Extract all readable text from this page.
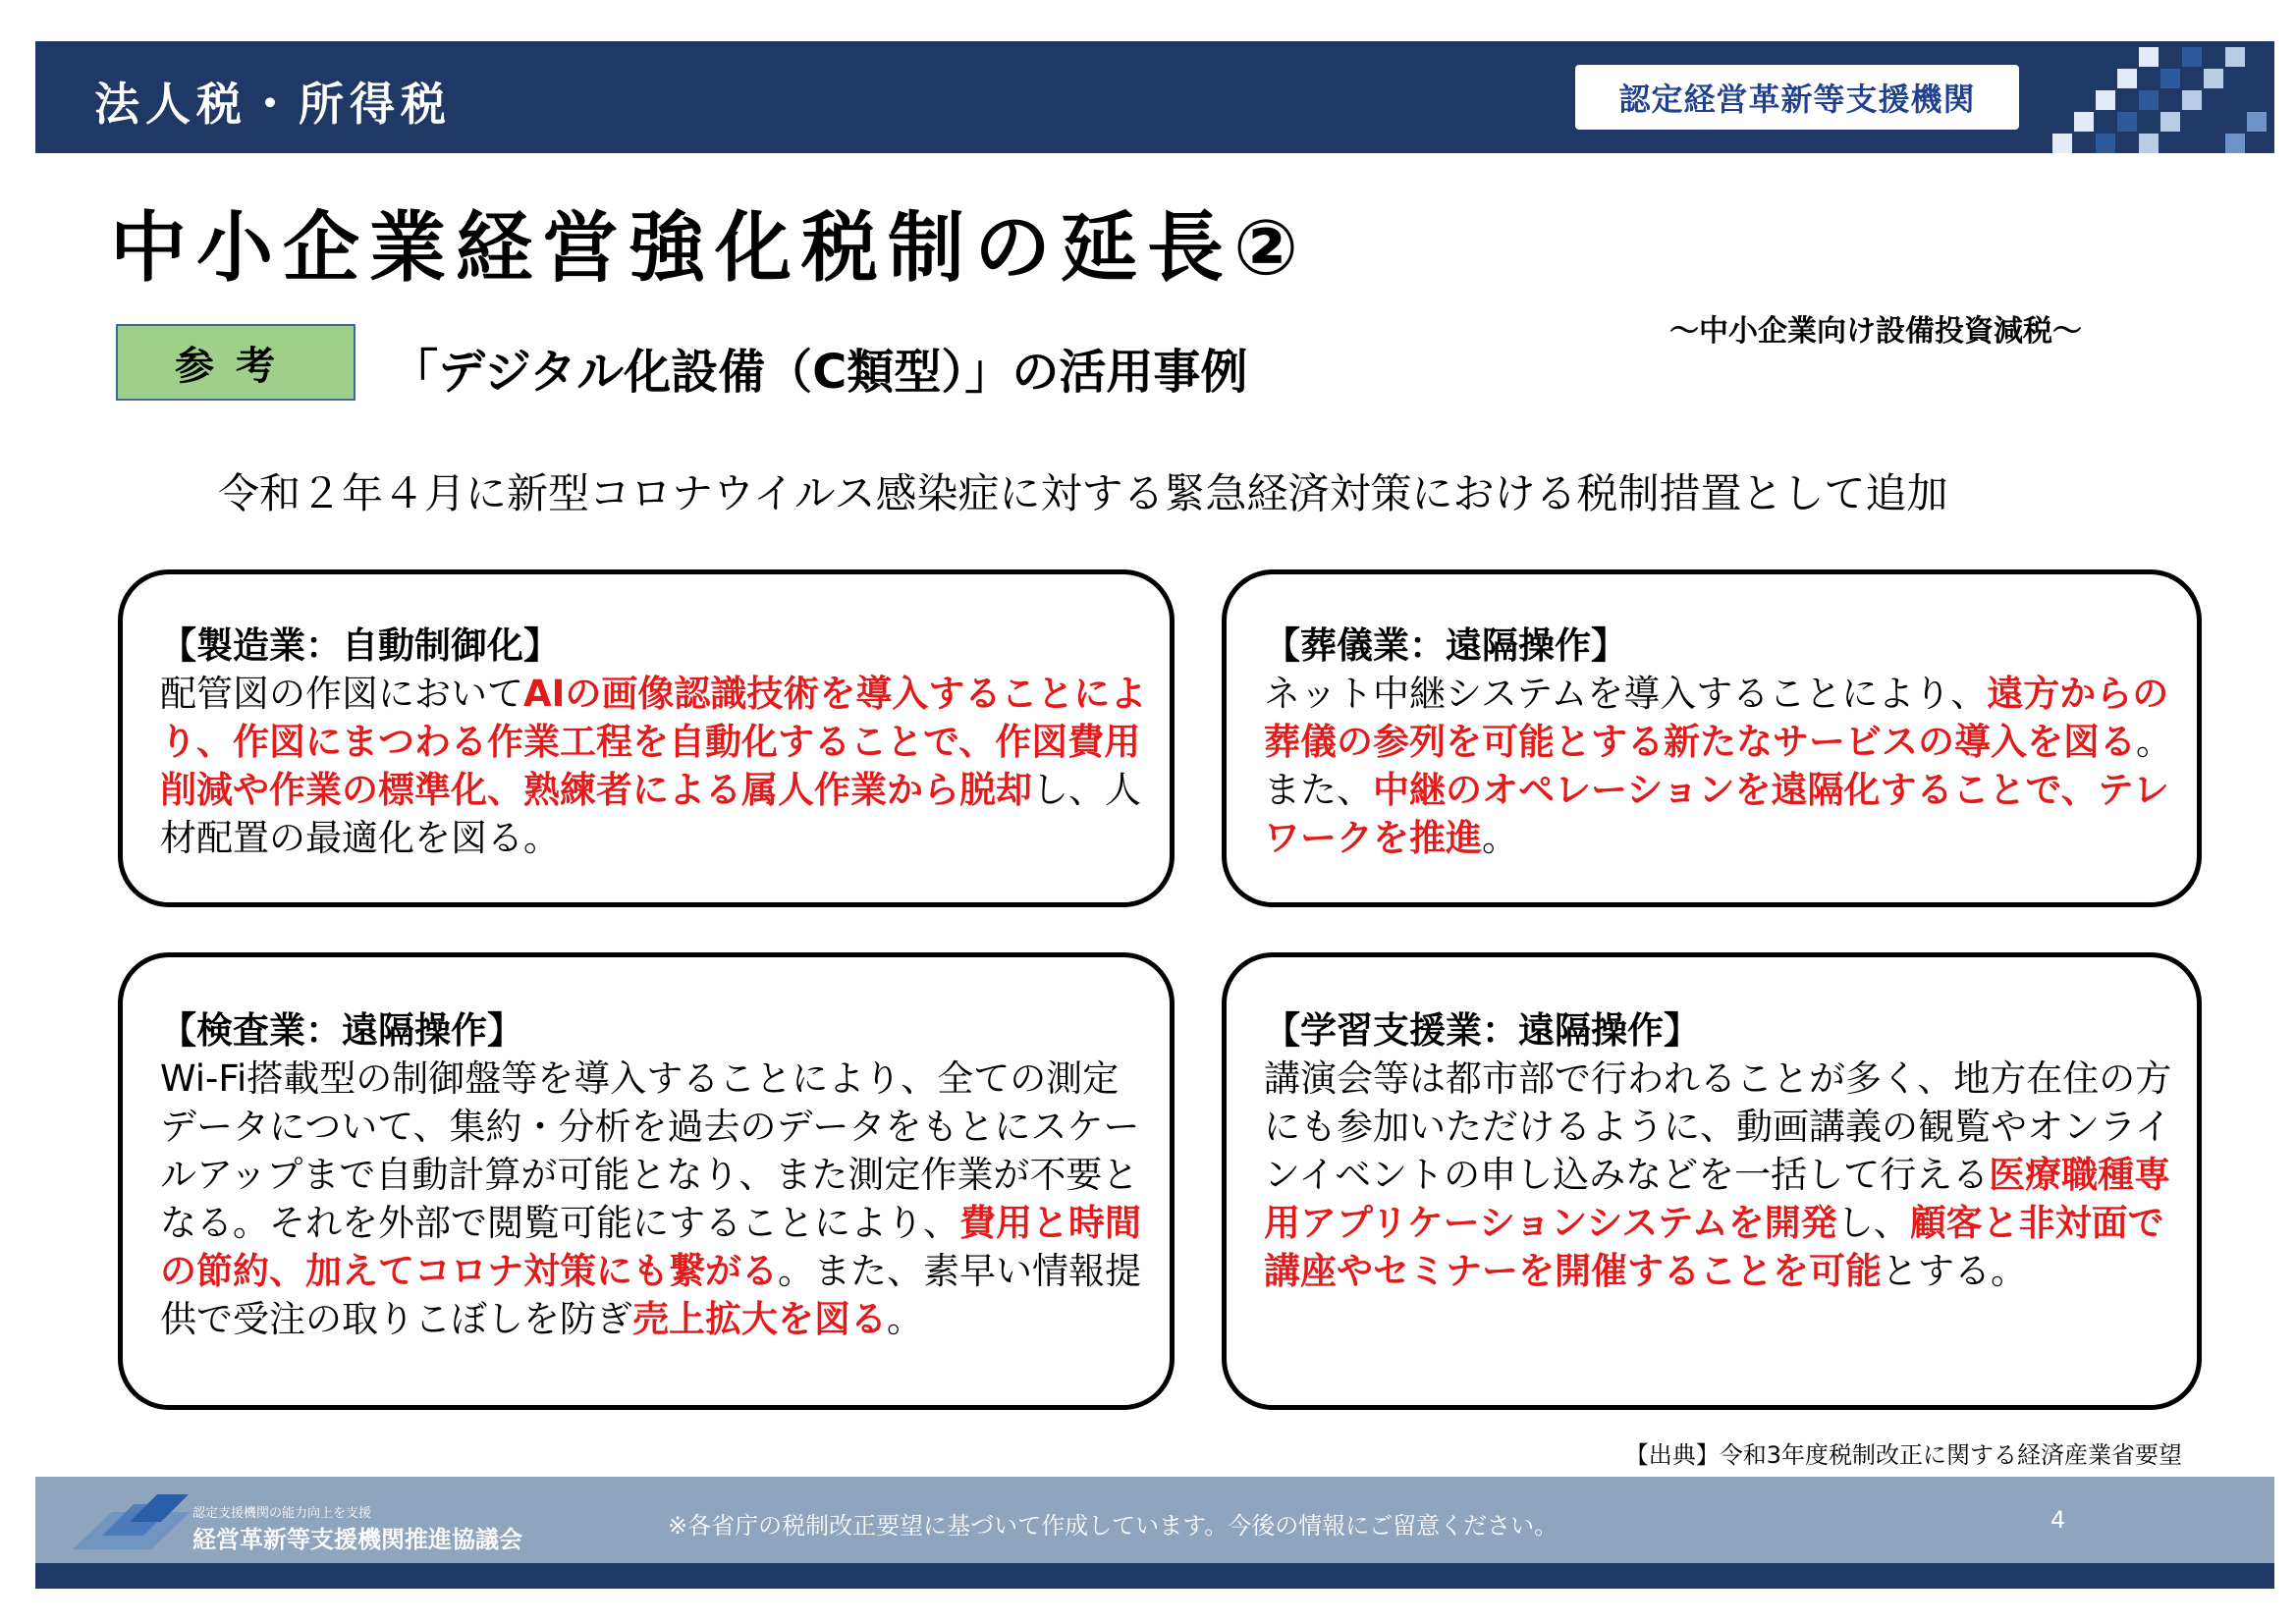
法人税・所得税	認定経営革新等支援機関
中小企業経営強化税制の延長②
～中小企業向け設備投資減税～
参考	「デジタル化設備（C類型）」の活用事例
令和２年４月に新型コロナウイルス感染症に対する緊急経済対策における税制措置として追加
【製造業：自動制御化】
配管図の作図においてAIの画像認識技術を導入することにより、作図にまつわる作業工程を自動化することで、作図費用削減や作業の標準化、熟練者による属人作業から脱却し、人材配置の最適化を図る。
【葬儀業：遠隔操作】
ネット中継システムを導入することにより、遠方からの葬儀の参列を可能とする新たなサービスの導入を図る。また、中継のオペレーションを遠隔化することで、テレワークを推進。
【検査業：遠隔操作】
Wi-Fi搭載型の制御盤等を導入することにより、全ての測定データについて、集約・分析を過去のデータをもとにスケールアップまで自動計算が可能となり、また測定作業が不要となる。それを外部で閲覧可能にすることにより、費用と時間の節約、加えてコロナ対策にも繋がる。また、素早い情報提供で受注の取りこぼしを防ぎ売上拡大を図る。
【学習支援業：遠隔操作】
講演会等は都市部で行われることが多く、地方在住の方にも参加いただけるように、動画講義の観覧やオンラインイベントの申し込みなどを一括して行える医療職種専用アプリケーションシステムを開発し、顧客と非対面で講座やセミナーを開催することを可能とする。
【出典】令和3年度税制改正に関する経済産業省要望
認定支援機関の能力向上を支援
経営革新等支援機関推進協議会	※各省庁の税制改正要望に基づいて作成しています。今後の情報にご留意ください。	4
